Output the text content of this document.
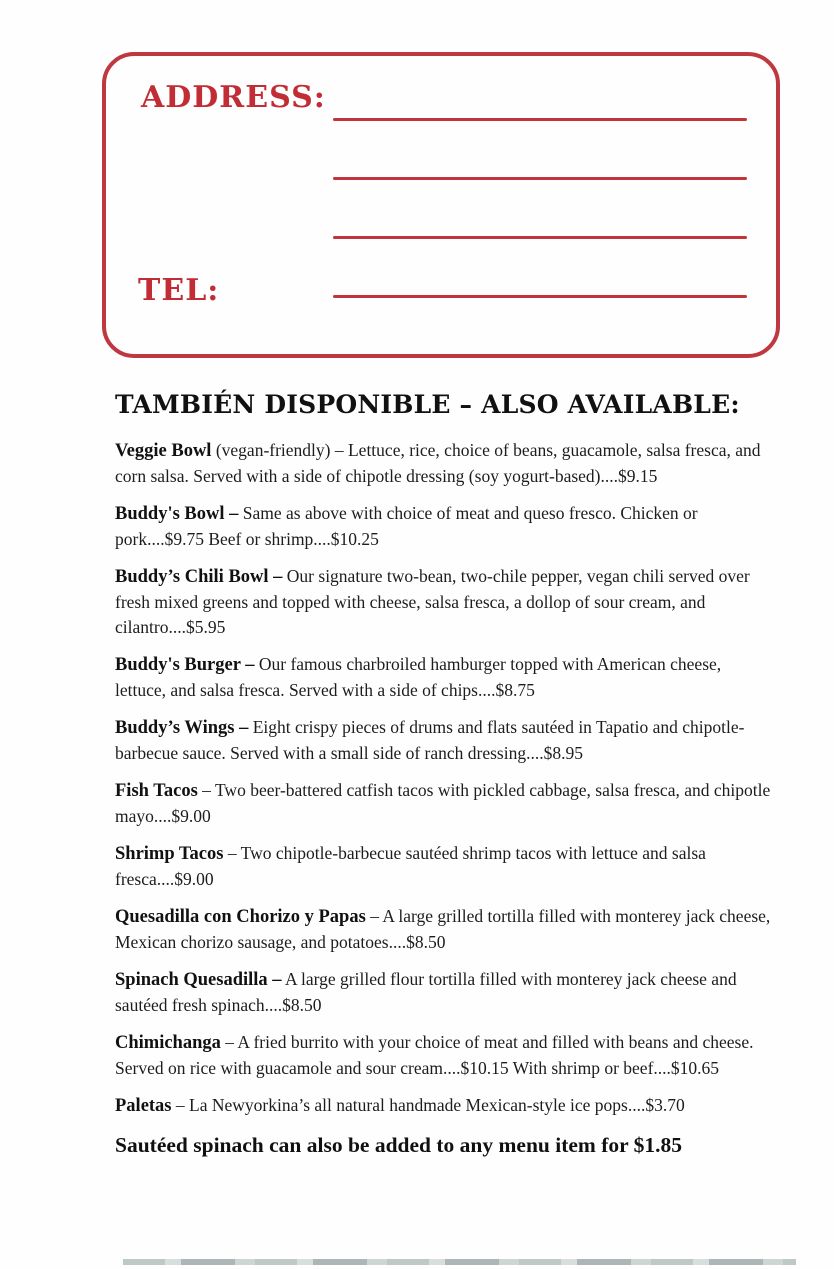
ADDRESS:
TEL:
TAMBIÉN DISPONIBLE – ALSO AVAILABLE:

Veggie Bowl (vegan-friendly) – Lettuce, rice, choice of beans, guacamole, salsa fresca, and corn salsa. Served with a side of chipotle dressing (soy yogurt-based)....$9.15

Buddy's Bowl – Same as above with choice of meat and queso fresco. Chicken or pork....$9.75 Beef or shrimp....$10.25

Buddy’s Chili Bowl – Our signature two-bean, two-chile pepper, vegan chili served over fresh mixed greens and topped with cheese, salsa fresca, a dollop of sour cream, and cilantro....$5.95

Buddy's Burger – Our famous charbroiled hamburger topped with American cheese, lettuce, and salsa fresca. Served with a side of chips....$8.75

Buddy’s Wings – Eight crispy pieces of drums and flats sautéed in Tapatio and chipotle-barbecue sauce. Served with a small side of ranch dressing....$8.95

Fish Tacos – Two beer-battered catfish tacos with pickled cabbage, salsa fresca, and chipotle mayo....$9.00

Shrimp Tacos – Two chipotle-barbecue sautéed shrimp tacos with lettuce and salsa fresca....$9.00

Quesadilla con Chorizo y Papas – A large grilled tortilla filled with monterey jack cheese, Mexican chorizo sausage, and potatoes....$8.50

Spinach Quesadilla – A large grilled flour tortilla filled with monterey jack cheese and sautéed fresh spinach....$8.50

Chimichanga – A fried burrito with your choice of meat and filled with beans and cheese. Served on rice with guacamole and sour cream....$10.15 With shrimp or beef....$10.65

Paletas – La Newyorkina’s all natural handmade Mexican-style ice pops....$3.70

Sautéed spinach can also be added to any menu item for $1.85
